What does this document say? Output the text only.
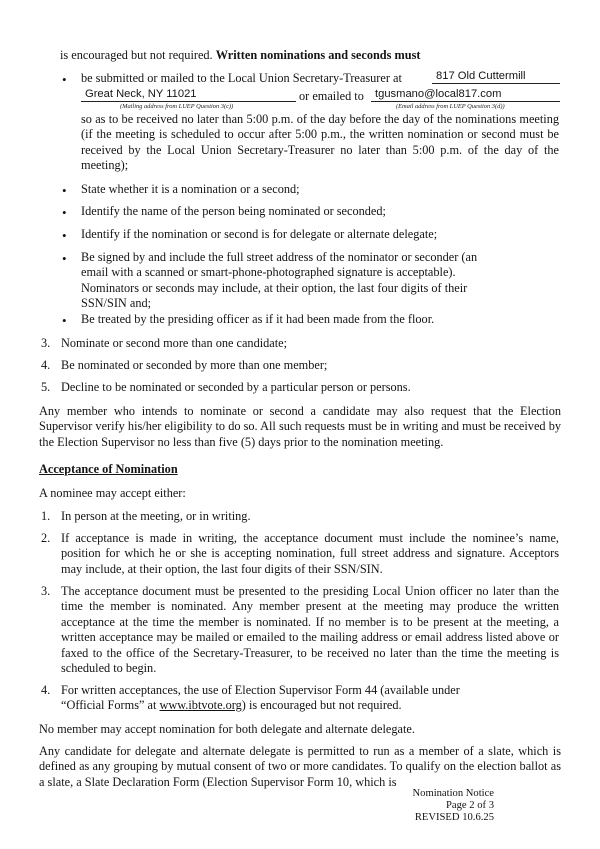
is encouraged but not required. Written nominations and seconds must

• be submitted or mailed to the Local Union Secretary-Treasurer at	817 Old Cuttermill
Great Neck, NY 11021	or emailed to tgusmano@local817.com
(Mailing address from LUEP Question 3(c))	(Email address from LUEP Question 3(d))

so as to be received no later than 5:00 p.m. of the day before the day of the nominations meeting (if the meeting is scheduled to occur after 5:00 p.m., the written nomination or second must be received by the Local Union Secretary-Treasurer no later than 5:00 p.m. of the day of the meeting);

• State whether it is a nomination or a second;

• Identify the name of the person being nominated or seconded;

• Identify if the nomination or second is for delegate or alternate delegate;

• Be signed by and include the full street address of the nominator or seconder (an email with a scanned or smart-phone-photographed signature is acceptable). Nominators or seconds may include, at their option, the last four digits of their SSN/SIN and;

• Be treated by the presiding officer as if it had been made from the floor.

3. Nominate or second more than one candidate;

4. Be nominated or seconded by more than one member;

5. Decline to be nominated or seconded by a particular person or persons.

Any member who intends to nominate or second a candidate may also request that the Election Supervisor verify his/her eligibility to do so. All such requests must be in writing and must be received by the Election Supervisor no less than five (5) days prior to the nomination meeting.

Acceptance of Nomination

A nominee may accept either:

1. In person at the meeting, or in writing.

2. If acceptance is made in writing, the acceptance document must include the nominee’s name, position for which he or she is accepting nomination, full street address and signature. Acceptors may include, at their option, the last four digits of their SSN/SIN.

3. The acceptance document must be presented to the presiding Local Union officer no later than the time the member is nominated. Any member present at the meeting may produce the written acceptance at the time the member is nominated. If no member is to be present at the meeting, a written acceptance may be mailed or emailed to the mailing address or email address listed above or faxed to the office of the Secretary-Treasurer, to be received no later than the time the meeting is scheduled to begin.

4. For written acceptances, the use of Election Supervisor Form 44 (available under “Official Forms” at www.ibtvote.org) is encouraged but not required.

No member may accept nomination for both delegate and alternate delegate.

Any candidate for delegate and alternate delegate is permitted to run as a member of a slate, which is defined as any grouping by mutual consent of two or more candidates. To qualify on the election ballot as a slate, a Slate Declaration Form (Election Supervisor Form 10, which is

Nomination Notice
Page 2 of 3
REVISED 10.6.25
